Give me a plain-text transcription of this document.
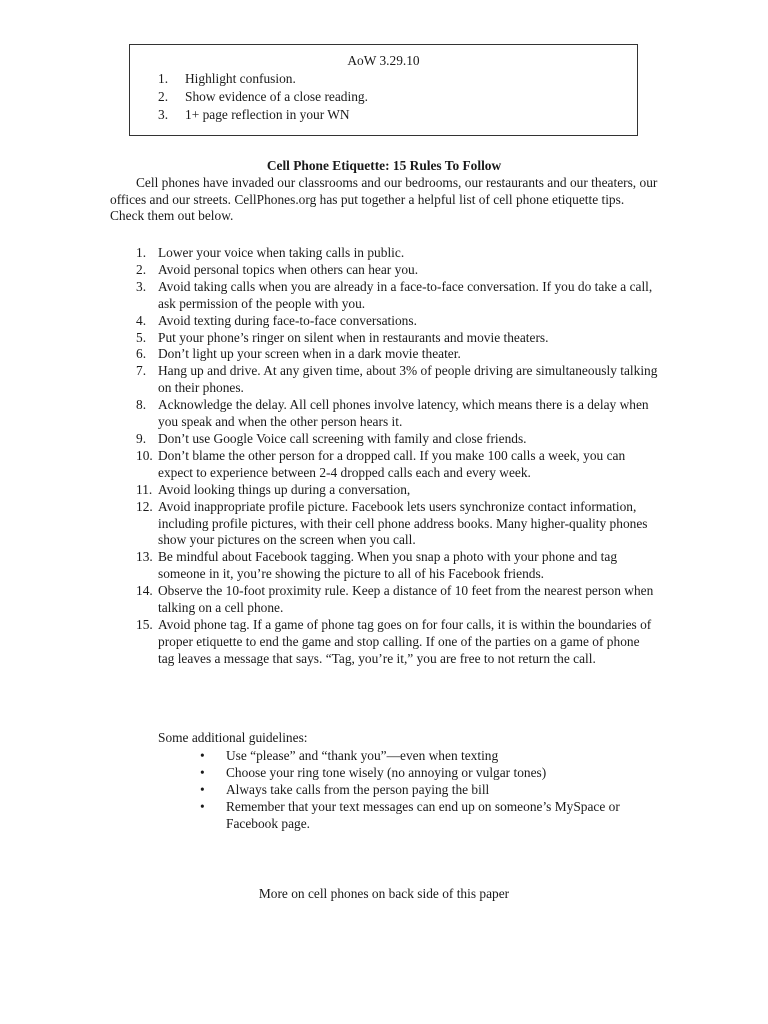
AoW 3.29.10
1.	Highlight confusion.
2.	Show evidence of a close reading.
3.	1+ page reflection in your WN
Cell Phone Etiquette: 15 Rules To Follow

Cell phones have invaded our classrooms and our bedrooms, our restaurants and our theaters, our offices and our streets. CellPhones.org has put together a helpful list of cell phone etiquette tips. Check them out below.

1. Lower your voice when taking calls in public.
2. Avoid personal topics when others can hear you.
3. Avoid taking calls when you are already in a face-to-face conversation. If you do take a call, ask permission of the people with you.
4. Avoid texting during face-to-face conversations.
5. Put your phone’s ringer on silent when in restaurants and movie theaters.
6. Don’t light up your screen when in a dark movie theater.
7. Hang up and drive. At any given time, about 3% of people driving are simultaneously talking on their phones.
8. Acknowledge the delay. All cell phones involve latency, which means there is a delay when you speak and when the other person hears it.
9. Don’t use Google Voice call screening with family and close friends.
10. Don’t blame the other person for a dropped call. If you make 100 calls a week, you can expect to experience between 2-4 dropped calls each and every week.
11. Avoid looking things up during a conversation,
12. Avoid inappropriate profile picture. Facebook lets users synchronize contact information, including profile pictures, with their cell phone address books. Many higher-quality phones show your pictures on the screen when you call.
13. Be mindful about Facebook tagging. When you snap a photo with your phone and tag someone in it, you’re showing the picture to all of his Facebook friends.
14. Observe the 10-foot proximity rule. Keep a distance of 10 feet from the nearest person when talking on a cell phone.
15. Avoid phone tag. If a game of phone tag goes on for four calls, it is within the boundaries of proper etiquette to end the game and stop calling. If one of the parties on a game of phone tag leaves a message that says. “Tag, you’re it,” you are free to not return the call.
Some additional guidelines:
•	Use “please” and “thank you”—even when texting
•	Choose your ring tone wisely (no annoying or vulgar tones)
•	Always take calls from the person paying the bill
•	Remember that your text messages can end up on someone’s MySpace or Facebook page.
More on cell phones on back side of this paper
